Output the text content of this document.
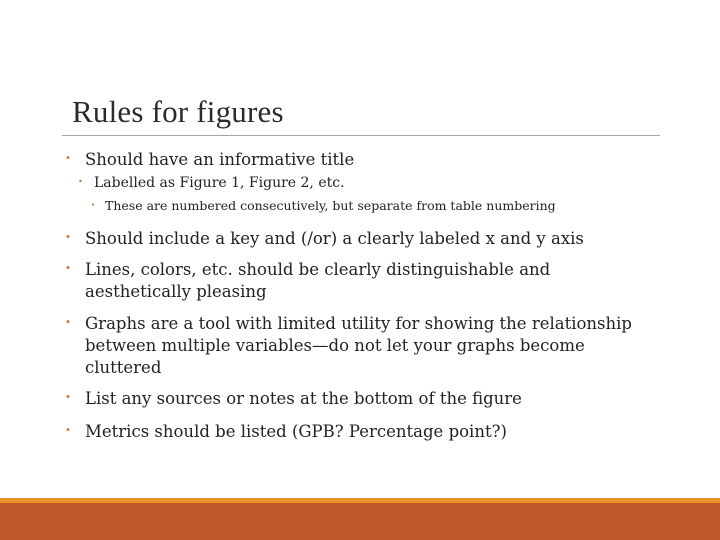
Rules for figures
• Should have an informative title
• Labelled as Figure 1, Figure 2, etc.
• These are numbered consecutively, but separate from table numbering
• Should include a key and (/or) a clearly labeled x and y axis
• Lines, colors, etc. should be clearly distinguishable and
aesthetically pleasing
• Graphs are a tool with limited utility for showing the relationship
between multiple variables—do not let your graphs become
cluttered
• List any sources or notes at the bottom of the figure
• Metrics should be listed (GPB? Percentage point?)
